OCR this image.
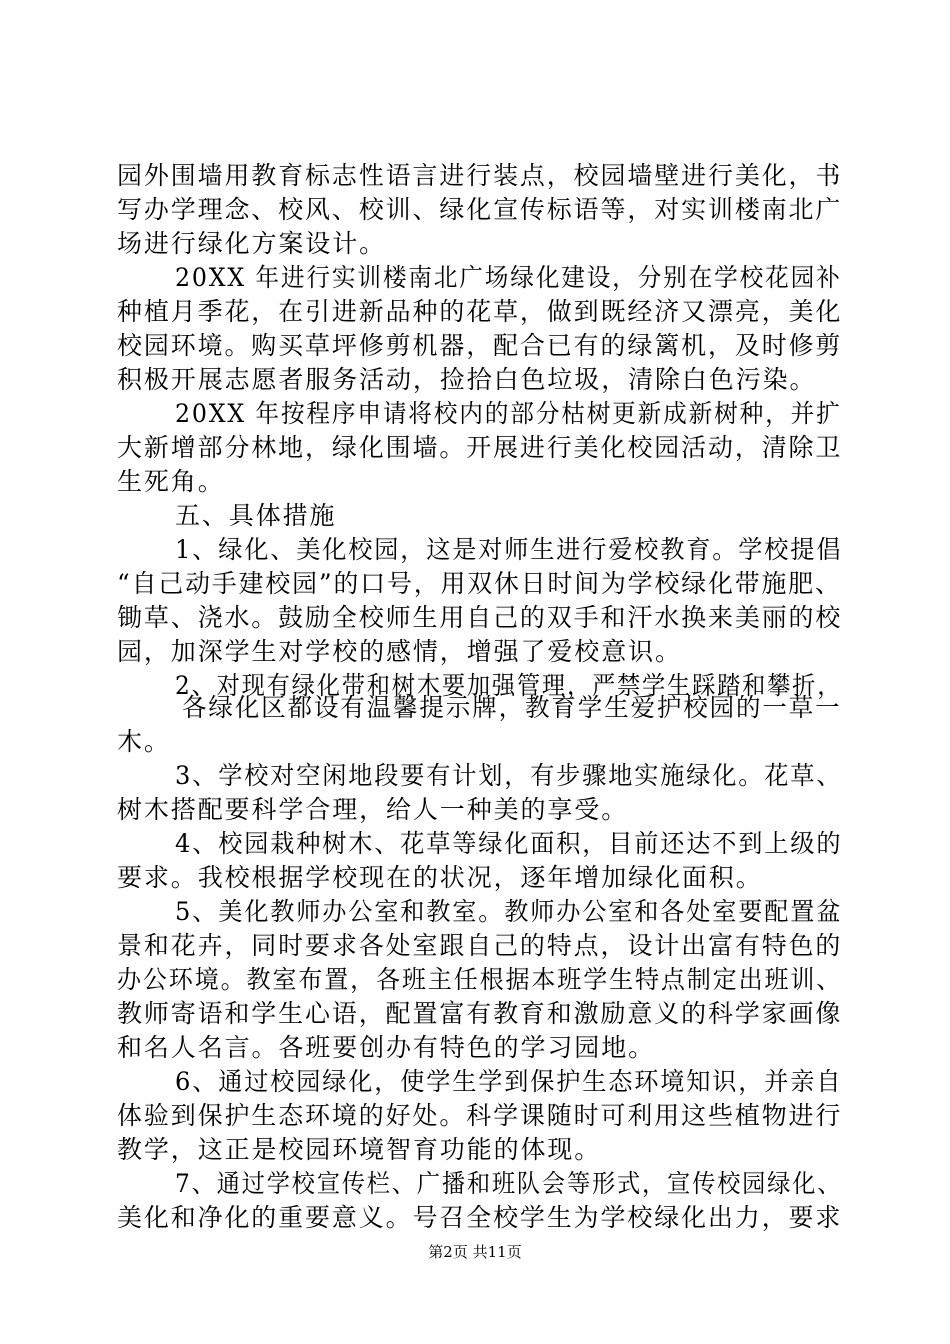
园外围墙用教育标志性语言进行装点，校园墙壁进行美化，书
写办学理念、校风、校训、绿化宣传标语等，对实训楼南北广
场进行绿化方案设计。
20XX 年进行实训楼南北广场绿化建设，分别在学校花园补
种植月季花，在引进新品种的花草，做到既经济又漂亮，美化
校园环境。购买草坪修剪机器，配合已有的绿篱机，及时修剪
积极开展志愿者服务活动，捡拾白色垃圾，清除白色污染。
20XX 年按程序申请将校内的部分枯树更新成新树种，并扩
大新增部分林地，绿化围墙。开展进行美化校园活动，清除卫
生死角。
五、具体措施
1、绿化、美化校园，这是对师生进行爱校教育。学校提倡
“自己动手建校园”的口号，用双休日时间为学校绿化带施肥、
锄草、浇水。鼓励全校师生用自己的双手和汗水换来美丽的校
园，加深学生对学校的感情，增强了爱校意识。
2、对现有绿化带和树木要加强管理，严禁学生踩踏和攀折，
各绿化区都设有温馨提示牌，教育学生爱护校园的一草一
木。
3、学校对空闲地段要有计划，有步骤地实施绿化。花草、
树木搭配要科学合理，给人一种美的享受。
4、校园栽种树木、花草等绿化面积，目前还达不到上级的
要求。我校根据学校现在的状况，逐年增加绿化面积。
5、美化教师办公室和教室。教师办公室和各处室要配置盆
景和花卉，同时要求各处室跟自己的特点，设计出富有特色的
办公环境。教室布置，各班主任根据本班学生特点制定出班训、
教师寄语和学生心语，配置富有教育和激励意义的科学家画像
和名人名言。各班要创办有特色的学习园地。
6、通过校园绿化，使学生学到保护生态环境知识，并亲自
体验到保护生态环境的好处。科学课随时可利用这些植物进行
教学，这正是校园环境智育功能的体现。
7、通过学校宣传栏、广播和班队会等形式，宣传校园绿化、
美化和净化的重要意义。号召全校学生为学校绿化出力，要求
第2页 共11页
